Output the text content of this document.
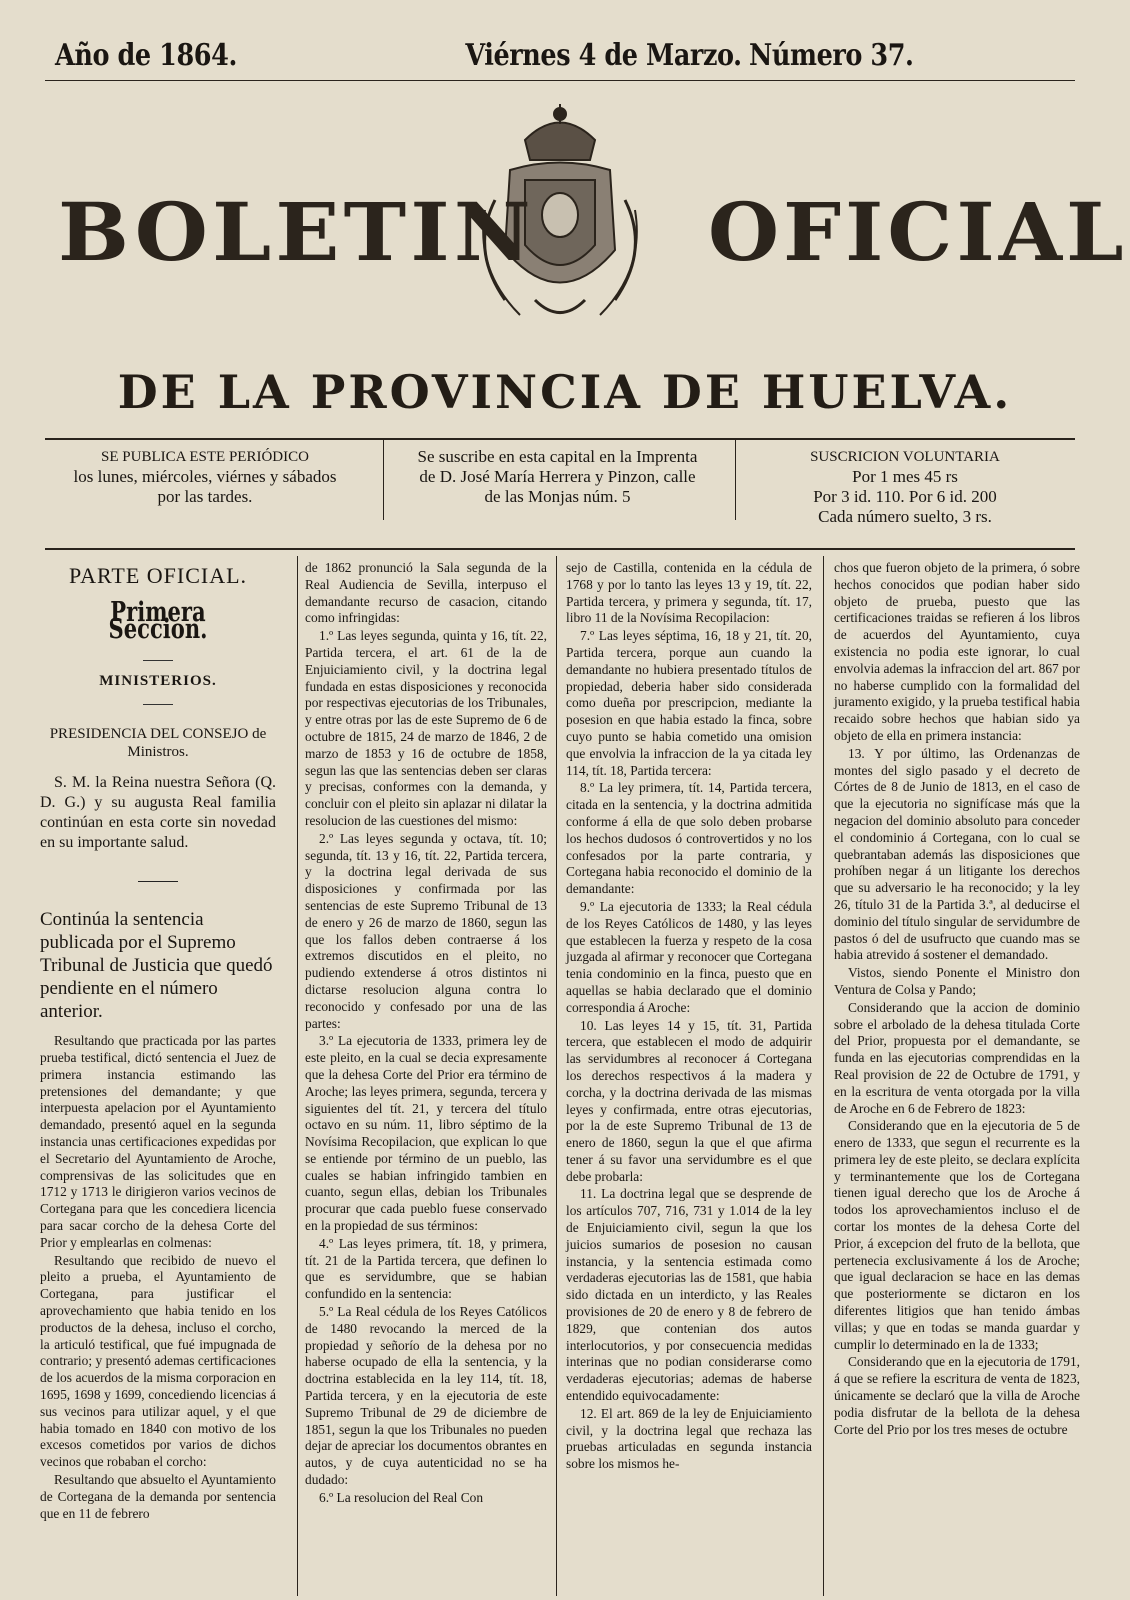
Año de 1864.	Viérnes 4 de Marzo. Número 37.
BOLETIN OFICIAL
DE LA PROVINCIA DE HUELVA.
SE PUBLICA ESTE PERIÓDICO
los lunes, miércoles, viérnes y sábados
por las tardes.
Se suscribe en esta capital en la Imprenta
de D. José María Herrera y Pinzon, calle
de las Monjas núm. 5
SUSCRICION VOLUNTARIA
Por 1 mes 45 rs
Por 3 id. 110. Por 6 id. 200
Cada número suelto, 3 rs.

PARTE OFICIAL.

Primera Seccion.

MINISTERIOS.

PRESIDENCIA DEL CONSEJO de Ministros.

S. M. la Reina nuestra Señora (Q. D. G.) y su augusta Real familia continúan en esta corte sin novedad en su importante salud.

Continúa la sentencia publicada por el Supremo Tribunal de Justicia que quedó pendiente en el número anterior.

Resultando que practicada por las partes prueba testifical, dictó sentencia el Juez de primera instancia estimando las pretensiones del demandante; y que interpuesta apelacion por el Ayuntamiento demandado, presentó aquel en la segunda instancia unas certificaciones expedidas por el Secretario del Ayuntamiento de Aroche, comprensivas de las solicitudes que en 1712 y 1713 le dirigieron varios vecinos de Cortegana para que les concediera licencia para sacar corcho de la dehesa Corte del Prior y emplearlas en colmenas:

Resultando que recibido de nuevo el pleito a prueba, el Ayuntamiento de Cortegana, para justificar el aprovechamiento que habia tenido en los productos de la dehesa, incluso el corcho, la articuló testifical, que fué impugnada de contrario; y presentó ademas certificaciones de los acuerdos de la misma corporacion en 1695, 1698 y 1699, concediendo licencias á sus vecinos para utilizar aquel, y el que habia tomado en 1840 con motivo de los excesos cometidos por varios de dichos vecinos que robaban el corcho:

Resultando que absuelto el Ayuntamiento de Cortegana de la demanda por sentencia que en 11 de febrero

de 1862 pronunció la Sala segunda de la Real Audiencia de Sevilla, interpuso el demandante recurso de casacion, citando como infringidas:

1.º Las leyes segunda, quinta y 16, tít. 22, Partida tercera, el art. 61 de la de Enjuiciamiento civil, y la doctrina legal fundada en estas disposiciones y reconocida por respectivas ejecutorias de los Tribunales, y entre otras por las de este Supremo de 6 de octubre de 1815, 24 de marzo de 1846, 2 de marzo de 1853 y 16 de octubre de 1858, segun las que las sentencias deben ser claras y precisas, conformes con la demanda, y concluir con el pleito sin aplazar ni dilatar la resolucion de las cuestiones del mismo:

2.º Las leyes segunda y octava, tít. 10; segunda, tít. 13 y 16, tít. 22, Partida tercera, y la doctrina legal derivada de sus disposiciones y confirmada por las sentencias de este Supremo Tribunal de 13 de enero y 26 de marzo de 1860, segun las que los fallos deben contraerse á los extremos discutidos en el pleito, no pudiendo extenderse á otros distintos ni dictarse resolucion alguna contra lo reconocido y confesado por una de las partes:

3.º La ejecutoria de 1333, primera ley de este pleito, en la cual se decia expresamente que la dehesa Corte del Prior era término de Aroche; las leyes primera, segunda, tercera y siguientes del tít. 21, y tercera del título octavo en su núm. 11, libro séptimo de la Novísima Recopilacion, que explican lo que se entiende por término de un pueblo, las cuales se habian infringido tambien en cuanto, segun ellas, debian los Tribunales procurar que cada pueblo fuese conservado en la propiedad de sus términos:

4.º Las leyes primera, tít. 18, y primera, tít. 21 de la Partida tercera, que definen lo que es servidumbre, que se habian confundido en la sentencia:

5.º La Real cédula de los Reyes Católicos de 1480 revocando la merced de la propiedad y señorío de la dehesa por no haberse ocupado de ella la sentencia, y la doctrina establecida en la ley 114, tít. 18, Partida tercera, y en la ejecutoria de este Supremo Tribunal de 29 de diciembre de 1851, segun la que los Tribunales no pueden dejar de apreciar los documentos obrantes en autos, y de cuya autenticidad no se ha dudado:

6.º La resolucion del Real Con

sejo de Castilla, contenida en la cédula de 1768 y por lo tanto las leyes 13 y 19, tít. 22, Partida tercera, y primera y segunda, tít. 17, libro 11 de la Novísima Recopilacion:

7.º Las leyes séptima, 16, 18 y 21, tít. 20, Partida tercera, porque aun cuando la demandante no hubiera presentado títulos de propiedad, deberia haber sido considerada como dueña por prescripcion, mediante la posesion en que habia estado la finca, sobre cuyo punto se habia cometido una omision que envolvia la infraccion de la ya citada ley 114, tít. 18, Partida tercera:

8.º La ley primera, tít. 14, Partida tercera, citada en la sentencia, y la doctrina admitida conforme á ella de que solo deben probarse los hechos dudosos ó controvertidos y no los confesados por la parte contraria, y Cortegana habia reconocido el dominio de la demandante:

9.º La ejecutoria de 1333; la Real cédula de los Reyes Católicos de 1480, y las leyes que establecen la fuerza y respeto de la cosa juzgada al afirmar y reconocer que Cortegana tenia condominio en la finca, puesto que en aquellas se habia declarado que el dominio correspondia á Aroche:

10. Las leyes 14 y 15, tít. 31, Partida tercera, que establecen el modo de adquirir las servidumbres al reconocer á Cortegana los derechos respectivos á la madera y corcha, y la doctrina derivada de las mismas leyes y confirmada, entre otras ejecutorias, por la de este Supremo Tribunal de 13 de enero de 1860, segun la que el que afirma tener á su favor una servidumbre es el que debe probarla:

11. La doctrina legal que se desprende de los artículos 707, 716, 731 y 1.014 de la ley de Enjuiciamiento civil, segun la que los juicios sumarios de posesion no causan instancia, y la sentencia estimada como verdaderas ejecutorias las de 1581, que habia sido dictada en un interdicto, y las Reales provisiones de 20 de enero y 8 de febrero de 1829, que contenian dos autos interlocutorios, y por consecuencia medidas interinas que no podian considerarse como verdaderas ejecutorias; ademas de haberse entendido equivocadamente:

12. El art. 869 de la ley de Enjuiciamiento civil, y la doctrina legal que rechaza las pruebas articuladas en segunda instancia sobre los mismos he-

chos que fueron objeto de la primera, ó sobre hechos conocidos que podian haber sido objeto de prueba, puesto que las certificaciones traidas se refieren á los libros de acuerdos del Ayuntamiento, cuya existencia no podia este ignorar, lo cual envolvia ademas la infraccion del art. 867 por no haberse cumplido con la formalidad del juramento exigido, y la prueba testifical habia recaido sobre hechos que habian sido ya objeto de ella en primera instancia:

13. Y por último, las Ordenanzas de montes del siglo pasado y el decreto de Córtes de 8 de Junio de 1813, en el caso de que la ejecutoria no signifícase más que la negacion del dominio absoluto para conceder el condominio á Cortegana, con lo cual se quebrantaban además las disposiciones que prohíben negar á un litigante los derechos que su adversario le ha reconocido; y la ley 26, título 31 de la Partida 3.ª, al deducirse el dominio del título singular de servidumbre de pastos ó del de usufructo que cuando mas se habia atrevido á sostener el demandado.

Vistos, siendo Ponente el Ministro don Ventura de Colsa y Pando;

Considerando que la accion de dominio sobre el arbolado de la dehesa titulada Corte del Prior, propuesta por el demandante, se funda en las ejecutorias comprendidas en la Real provision de 22 de Octubre de 1791, y en la escritura de venta otorgada por la villa de Aroche en 6 de Febrero de 1823:

Considerando que en la ejecutoria de 5 de enero de 1333, que segun el recurrente es la primera ley de este pleito, se declara explícita y terminantemente que los de Cortegana tienen igual derecho que los de Aroche á todos los aprovechamientos incluso el de cortar los montes de la dehesa Corte del Prior, á excepcion del fruto de la bellota, que pertenecia exclusivamente á los de Aroche; que igual declaracion se hace en las demas que posteriormente se dictaron en los diferentes litigios que han tenido ámbas villas; y que en todas se manda guardar y cumplir lo determinado en la de 1333;

Considerando que en la ejecutoria de 1791, á que se refiere la escritura de venta de 1823, únicamente se declaró que la villa de Aroche podia disfrutar de la bellota de la dehesa Corte del Prio por los tres meses de octubre
